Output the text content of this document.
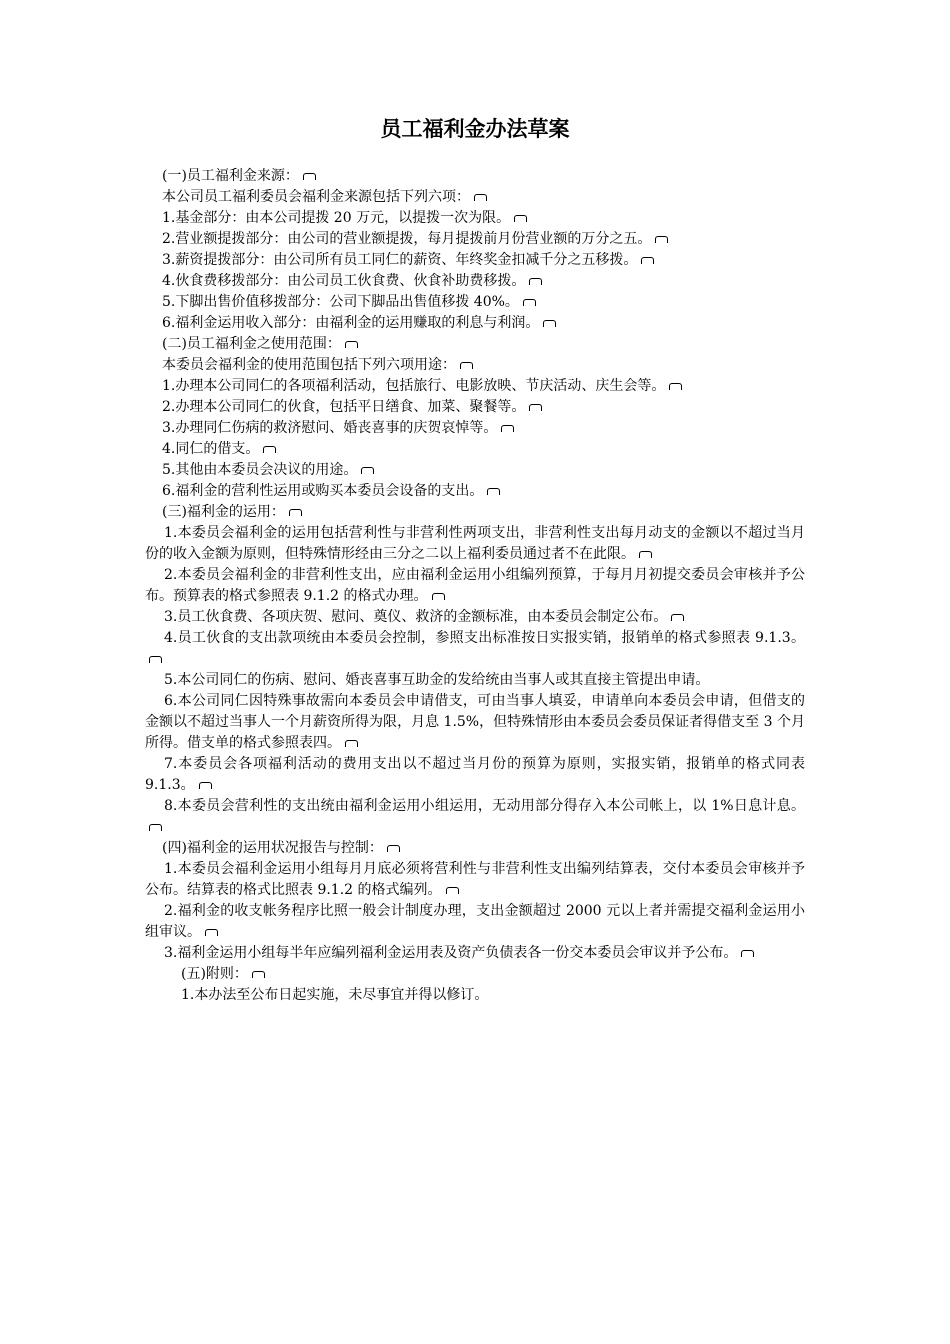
员工福利金办法草案

(一)员工福利金来源：

本公司员工福利委员会福利金来源包括下列六项：

1.基金部分：由本公司提拨 20 万元，以提拨一次为限。

2.营业额提拨部分：由公司的营业额提拨，每月提拨前月份营业额的万分之五。

3.薪资提拨部分：由公司所有员工同仁的薪资、年终奖金扣减千分之五移拨。

4.伙食费移拨部分：由公司员工伙食费、伙食补助费移拨。

5.下脚出售价值移拨部分：公司下脚品出售值移拨 40%。

6.福利金运用收入部分：由福利金的运用赚取的利息与利润。

(二)员工福利金之使用范围：

本委员会福利金的使用范围包括下列六项用途：

1.办理本公司同仁的各项福利活动，包括旅行、电影放映、节庆活动、庆生会等。

2.办理本公司同仁的伙食，包括平日缮食、加菜、聚餐等。

3.办理同仁伤病的救济慰问、婚丧喜事的庆贺哀悼等。

4.同仁的借支。

5.其他由本委员会决议的用途。

6.福利金的营利性运用或购买本委员会设备的支出。

(三)福利金的运用：

1.本委员会福利金的运用包括营利性与非营利性两项支出，非营利性支出每月动支的金额以不超过当月份的收入金额为原则，但特殊情形经由三分之二以上福利委员通过者不在此限。

2.本委员会福利金的非营利性支出，应由福利金运用小组编列预算，于每月月初提交委员会审核并予公布。预算表的格式参照表 9.1.2 的格式办理。

3.员工伙食费、各项庆贺、慰问、奠仪、救济的金额标准，由本委员会制定公布。

4.员工伙食的支出款项统由本委员会控制，参照支出标准按日实报实销，报销单的格式参照表 9.1.3。

5.本公司同仁的伤病、慰问、婚丧喜事互助金的发给统由当事人或其直接主管提出申请。

6.本公司同仁因特殊事故需向本委员会申请借支，可由当事人填妥，申请单向本委员会申请，但借支的金额以不超过当事人一个月薪资所得为限，月息 1.5%，但特殊情形由本委员会委员保证者得借支至 3 个月所得。借支单的格式参照表四。

7.本委员会各项福利活动的费用支出以不超过当月份的预算为原则，实报实销，报销单的格式同表 9.1.3。

8.本委员会营利性的支出统由福利金运用小组运用，无动用部分得存入本公司帐上，以 1%日息计息。

(四)福利金的运用状况报告与控制：

1.本委员会福利金运用小组每月月底必须将营利性与非营利性支出编列结算表，交付本委员会审核并予公布。结算表的格式比照表 9.1.2 的格式编列。

2.福利金的收支帐务程序比照一般会计制度办理，支出金额超过 2000 元以上者并需提交福利金运用小组审议。

3.福利金运用小组每半年应编列福利金运用表及资产负债表各一份交本委员会审议并予公布。

(五)附则：

1.本办法至公布日起实施，未尽事宜并得以修订。
